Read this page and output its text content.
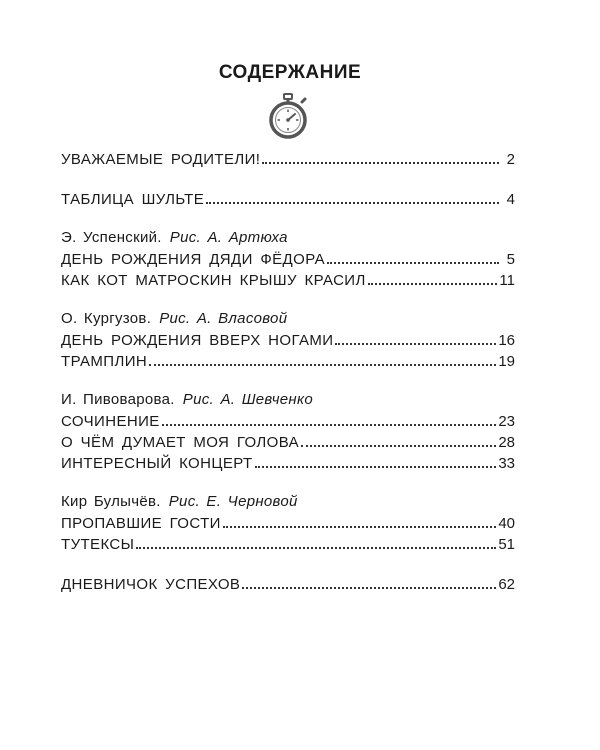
СОДЕРЖАНИЕ
УВАЖАЕМЫЕ РОДИТЕЛИ!	2
ТАБЛИЦА ШУЛЬТЕ	4
Э. Успенский. Рис. А. Артюха
ДЕНЬ РОЖДЕНИЯ ДЯДИ ФЁДОРА	5
КАК КОТ МАТРОСКИН КРЫШУ КРАСИЛ	11
О. Кургузов. Рис. А. Власовой
ДЕНЬ РОЖДЕНИЯ ВВЕРХ НОГАМИ	16
ТРАМПЛИН	19
И. Пивоварова. Рис. А. Шевченко
СОЧИНЕНИЕ	23
О ЧЁМ ДУМАЕТ МОЯ ГОЛОВА	28
ИНТЕРЕСНЫЙ КОНЦЕРТ	33
Кир Булычёв. Рис. Е. Черновой
ПРОПАВШИЕ ГОСТИ	40
ТУТЕКСЫ	51
ДНЕВНИЧОК УСПЕХОВ	62
